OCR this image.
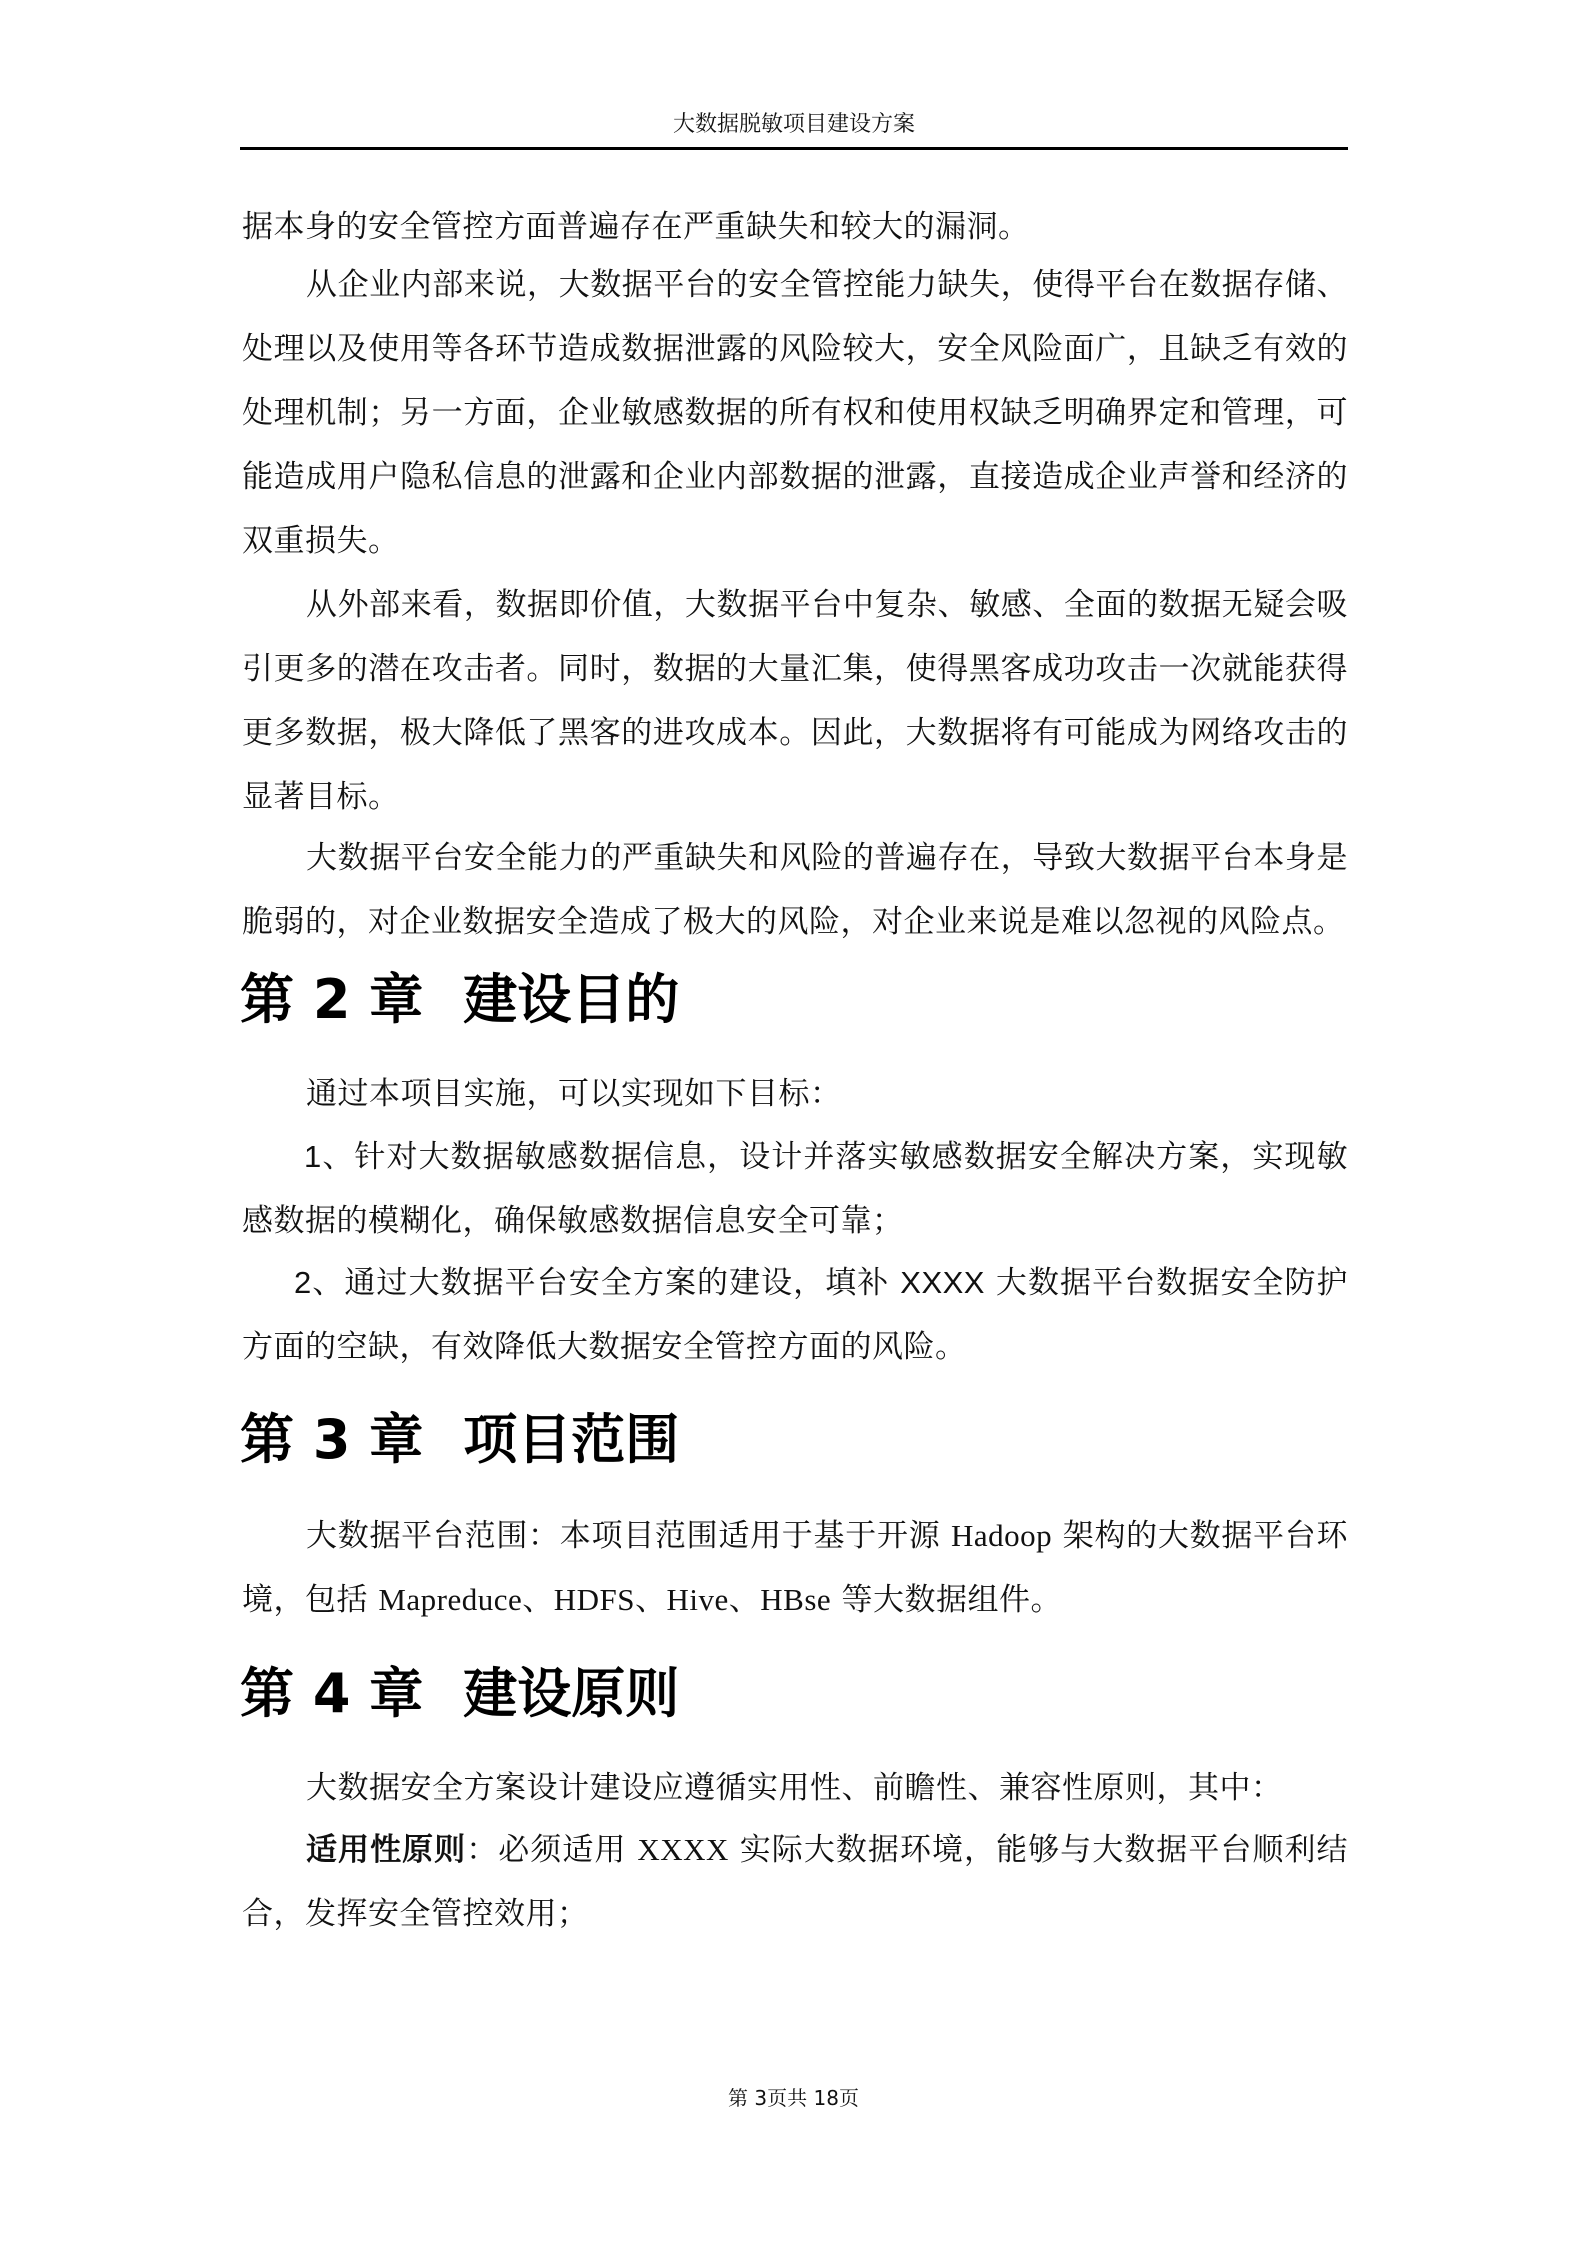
大数据脱敏项目建设方案
据本身的安全管控方面普遍存在严重缺失和较大的漏洞。
从企业内部来说，大数据平台的安全管控能力缺失，使得平台在数据存储、处理以及使用等各环节造成数据泄露的风险较大，安全风险面广，且缺乏有效的处理机制；另一方面，企业敏感数据的所有权和使用权缺乏明确界定和管理，可能造成用户隐私信息的泄露和企业内部数据的泄露，直接造成企业声誉和经济的双重损失。
从外部来看，数据即价值，大数据平台中复杂、敏感、全面的数据无疑会吸引更多的潜在攻击者。同时，数据的大量汇集，使得黑客成功攻击一次就能获得更多数据，极大降低了黑客的进攻成本。因此，大数据将有可能成为网络攻击的显著目标。
大数据平台安全能力的严重缺失和风险的普遍存在，导致大数据平台本身是脆弱的，对企业数据安全造成了极大的风险，对企业来说是难以忽视的风险点。
第 2 章 建设目的
通过本项目实施，可以实现如下目标：
1、针对大数据敏感数据信息，设计并落实敏感数据安全解决方案，实现敏感数据的模糊化，确保敏感数据信息安全可靠；
2、通过大数据平台安全方案的建设，填补 XXXX 大数据平台数据安全防护方面的空缺，有效降低大数据安全管控方面的风险。
第 3 章 项目范围
大数据平台范围：本项目范围适用于基于开源 Hadoop 架构的大数据平台环境，包括 Mapreduce、HDFS、Hive、HBse 等大数据组件。
第 4 章 建设原则
大数据安全方案设计建设应遵循实用性、前瞻性、兼容性原则，其中：
适用性原则：必须适用 XXXX 实际大数据环境，能够与大数据平台顺利结合，发挥安全管控效用；
第 3页共 18页
